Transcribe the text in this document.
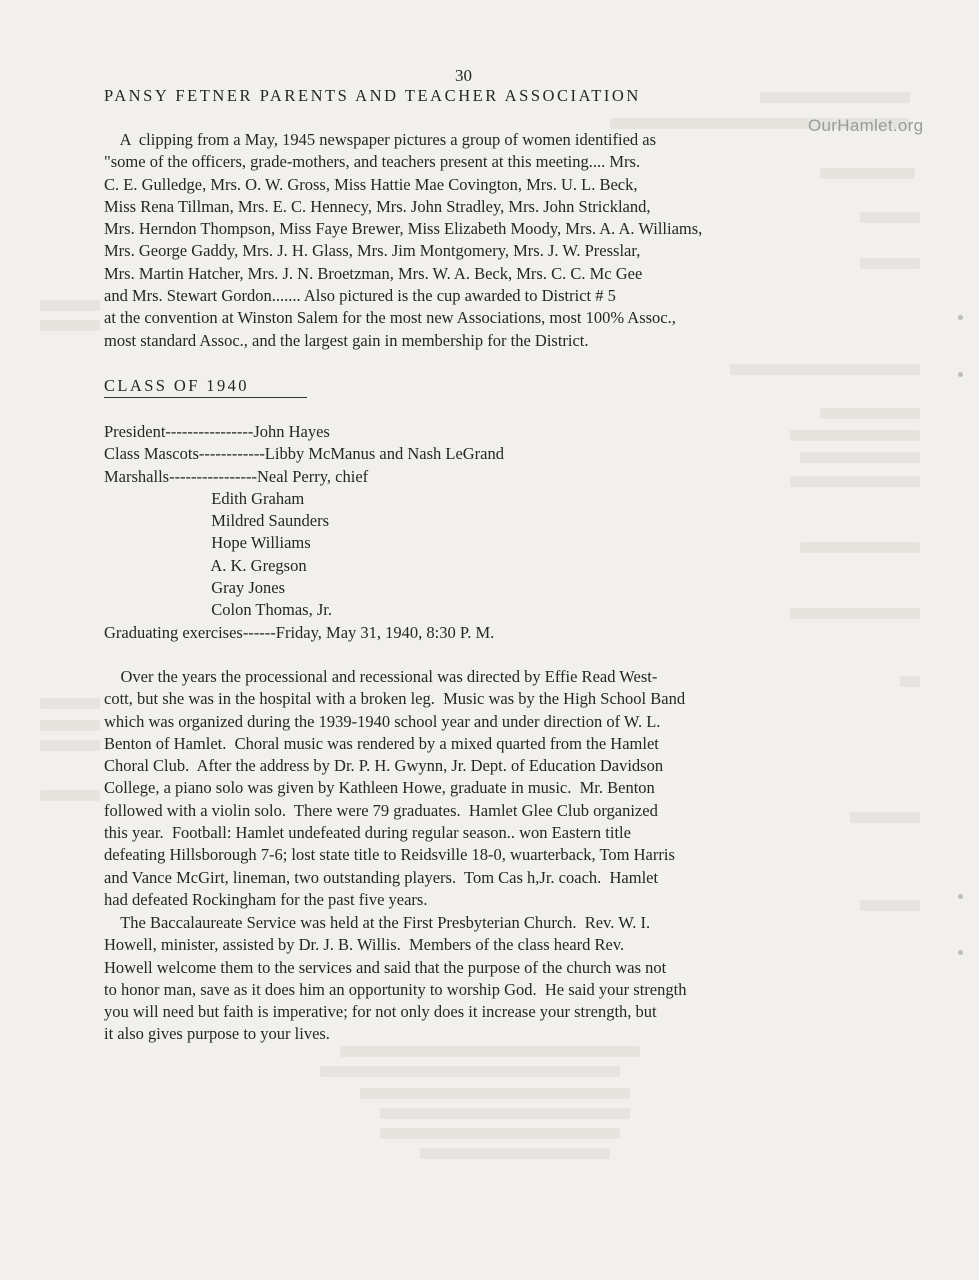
OurHamlet.org
30
PANSY FETNER PARENTS AND TEACHER ASSOCIATION
A  clipping from a May, 1945 newspaper pictures a group of women identified as
"some of the officers, grade-mothers, and teachers present at this meeting.... Mrs.
C. E. Gulledge, Mrs. O. W. Gross, Miss Hattie Mae Covington, Mrs. U. L. Beck,
Miss Rena Tillman, Mrs. E. C. Hennecy, Mrs. John Stradley, Mrs. John Strickland,
Mrs. Herndon Thompson, Miss Faye Brewer, Miss Elizabeth Moody, Mrs. A. A. Williams,
Mrs. George Gaddy, Mrs. J. H. Glass, Mrs. Jim Montgomery, Mrs. J. W. Presslar,
Mrs. Martin Hatcher, Mrs. J. N. Broetzman, Mrs. W. A. Beck, Mrs. C. C. Mc Gee
and Mrs. Stewart Gordon....... Also pictured is the cup awarded to District # 5
at the convention at Winston Salem for the most new Associations, most 100% Assoc.,
most standard Assoc., and the largest gain in membership for the District.
CLASS OF 1940
President----------------John Hayes
Class Mascots------------Libby McManus and Nash LeGrand
Marshalls----------------Neal Perry, chief
Edith Graham
Mildred Saunders
Hope Williams
A. K. Gregson
Gray Jones
Colon Thomas, Jr.
Graduating exercises------Friday, May 31, 1940, 8:30 P. M.
Over the years the processional and recessional was directed by Effie Read West-
cott, but she was in the hospital with a broken leg.  Music was by the High School Band
which was organized during the 1939-1940 school year and under direction of W. L.
Benton of Hamlet.  Choral music was rendered by a mixed quarted from the Hamlet
Choral Club.  After the address by Dr. P. H. Gwynn, Jr. Dept. of Education Davidson
College, a piano solo was given by Kathleen Howe, graduate in music.  Mr. Benton
followed with a violin solo.  There were 79 graduates.  Hamlet Glee Club organized
this year.  Football: Hamlet undefeated during regular season.. won Eastern title
defeating Hillsborough 7-6; lost state title to Reidsville 18-0, wuarterback, Tom Harris
and Vance McGirt, lineman, two outstanding players.  Tom Cas h,Jr. coach.  Hamlet
had defeated Rockingham for the past five years.
The Baccalaureate Service was held at the First Presbyterian Church.  Rev. W. I.
Howell, minister, assisted by Dr. J. B. Willis.  Members of the class heard Rev.
Howell welcome them to the services and said that the purpose of the church was not
to honor man, save as it does him an opportunity to worship God.  He said your strength
you will need but faith is imperative; for not only does it increase your strength, but
it also gives purpose to your lives.
